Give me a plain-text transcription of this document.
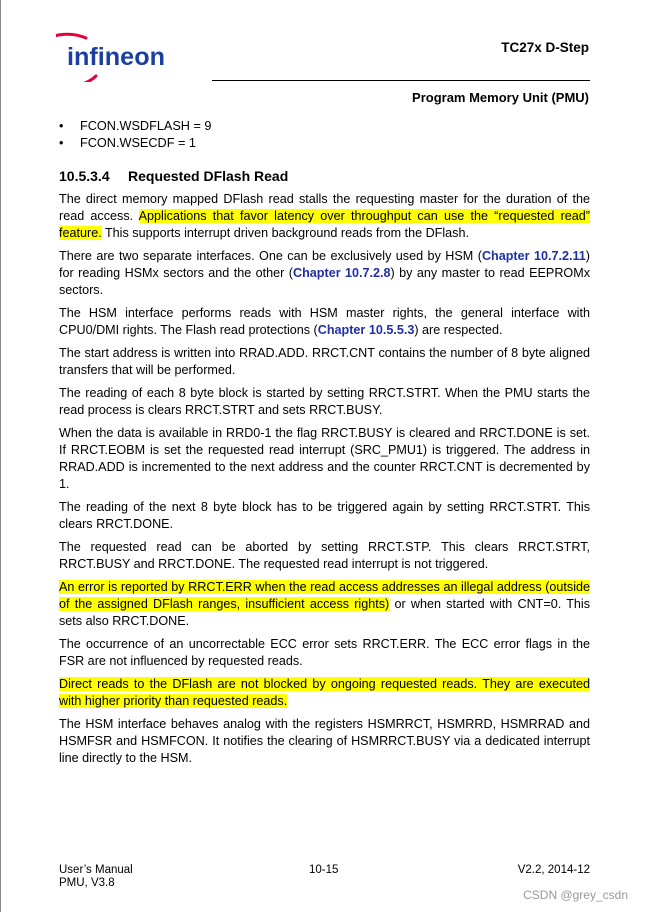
infineon	TC27x D-Step
Program Memory Unit (PMU)
• FCON.WSDFLASH = 9
• FCON.WSECDF = 1
10.5.3.4 Requested DFlash Read

The direct memory mapped DFlash read stalls the requesting master for the duration of the read access. Applications that favor latency over throughput can use the “requested read” feature. This supports interrupt driven background reads from the DFlash.

There are two separate interfaces. One can be exclusively used by HSM (Chapter 10.7.2.11) for reading HSMx sectors and the other (Chapter 10.7.2.8) by any master to read EEPROMx sectors.

The HSM interface performs reads with HSM master rights, the general interface with CPU0/DMI rights. The Flash read protections (Chapter 10.5.5.3) are respected.

The start address is written into RRAD.ADD. RRCT.CNT contains the number of 8 byte aligned transfers that will be performed.

The reading of each 8 byte block is started by setting RRCT.STRT. When the PMU starts the read process is clears RRCT.STRT and sets RRCT.BUSY.

When the data is available in RRD0-1 the flag RRCT.BUSY is cleared and RRCT.DONE is set. If RRCT.EOBM is set the requested read interrupt (SRC_PMU1) is triggered. The address in RRAD.ADD is incremented to the next address and the counter RRCT.CNT is decremented by 1.

The reading of the next 8 byte block has to be triggered again by setting RRCT.STRT. This clears RRCT.DONE.

The requested read can be aborted by setting RRCT.STP. This clears RRCT.STRT, RRCT.BUSY and RRCT.DONE. The requested read interrupt is not triggered.

An error is reported by RRCT.ERR when the read access addresses an illegal address (outside of the assigned DFlash ranges, insufficient access rights) or when started with CNT=0. This sets also RRCT.DONE.

The occurrence of an uncorrectable ECC error sets RRCT.ERR. The ECC error flags in the FSR are not influenced by requested reads.

Direct reads to the DFlash are not blocked by ongoing requested reads. They are executed with higher priority than requested reads.

The HSM interface behaves analog with the registers HSMRRCT, HSMRRD, HSMRRAD and HSMFSR and HSMFCON. It notifies the clearing of HSMRRCT.BUSY via a dedicated interrupt line directly to the HSM.

User’s Manual
PMU, V3.8
10-15	V2.2, 2014-12
CSDN @grey_csdn
